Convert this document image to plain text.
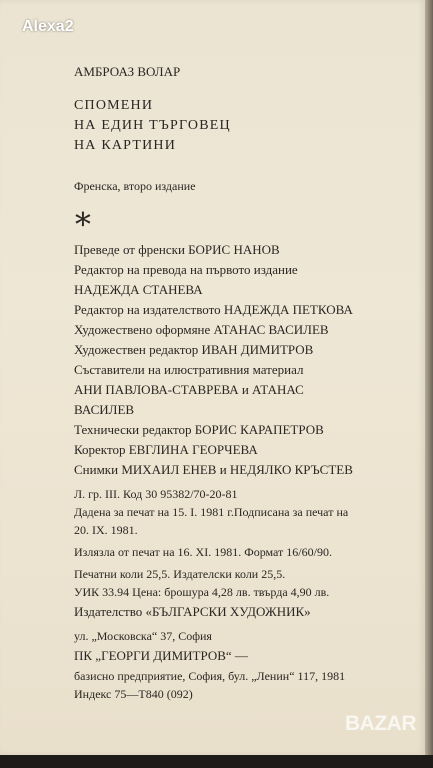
Alexa2
АМБРОАЗ ВОЛАР
СПОМЕНИ
НА ЕДИН ТЪРГОВЕЦ
НА КАРТИНИ
Френска, второ издание
∗
Преведе от френски БОРИС НАНОВ
Редактор на превода на първото издание
НАДЕЖДА СТАНЕВА
Редактор на издателството НАДЕЖДА ПЕТКОВА
Художествено оформяне АТАНАС ВАСИЛЕВ
Художествен редактор ИВАН ДИМИТРОВ
Съставители на илюстративния материал
АНИ ПАВЛОВА-СТАВРЕВА и АТАНАС
ВАСИЛЕВ
Технически редактор БОРИС КАРАПЕТРОВ
Коректор ЕВГЛИНА ГЕОРЧЕВА
Снимки МИХАИЛ ЕНЕВ и НЕДЯЛКО КРЪСТЕВ
Л. гр. III. Код 30 95382/70-20-81
Дадена за печат на 15. I. 1981 г.Подписана за печат на
20. IX. 1981.
Излязла от печат на 16. XI. 1981. Формат 16/60/90.
Печатни коли 25,5. Издателски коли 25,5.
УИК 33.94 Цена: брошура 4,28 лв. твърда 4,90 лв.
Издателство «БЪЛГАРСКИ ХУДОЖНИК»
ул. „Московска“ 37, София
ПК „ГЕОРГИ ДИМИТРОВ“ —
базисно предприятие, София, бул. „Ленин“ 117, 1981
Индекс 75—Т840 (092)
BAZAR
